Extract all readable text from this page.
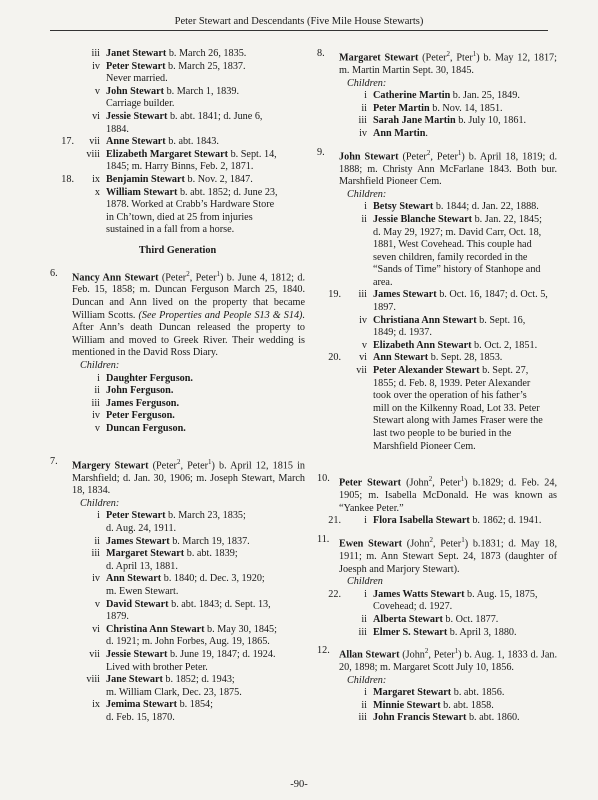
Peter Stewart and Descendants (Five Mile House Stewarts)
iii Janet Stewart b. March 26, 1835.
iv Peter Stewart b. March 25, 1837.
Never married.
v John Stewart b. March 1, 1839.
Carriage builder.
vi Jessie Stewart b. abt. 1841; d. June 6,
1884.
17.	vii Anne Stewart b. abt. 1843.
viii Elizabeth Margaret Stewart b. Sept. 14,
1845; m. Harry Binns, Feb. 2, 1871.
18.	ix Benjamin Stewart b. Nov. 2, 1847.
x William Stewart b. abt. 1852; d. June 23,
1878. Worked at Crabb’s Hardware Store
in Ch’town, died at 25 from injuries
sustained in a fall from a horse.
Third Generation
6.	Nancy Ann Stewart (Peter$^2$, Peter$^1$) b. June 4, 1812; d. Feb. 15, 1858; m. Duncan Ferguson March 25, 1840. Duncan and Ann lived on the property that became William Scotts. (See Properties and People S13 & S14). After Ann’s death Duncan released the property to William and moved to Greek River. Their wedding is mentioned in the David Ross Diary.
Children:
i Daughter Ferguson.
ii John Ferguson.
iii James Ferguson.
iv Peter Ferguson.
v Duncan Ferguson.
7.	Margery Stewart (Peter$^2$, Peter$^1$) b. April 12, 1815 in Marshfield; d. Jan. 30, 1906; m. Joseph Stewart, March 18, 1834.
Children:
i Peter Stewart b. March 23, 1835;
d. Aug. 24, 1911.
ii James Stewart b. March 19, 1837.
iii Margaret Stewart b. abt. 1839;
d. April 13, 1881.
iv Ann Stewart b. 1840; d. Dec. 3, 1920;
m. Ewen Stewart.
v David Stewart b. abt. 1843; d. Sept. 13,
1879.
vi Christina Ann Stewart b. May 30, 1845;
d. 1921; m. John Forbes, Aug. 19, 1865.
vii Jessie Stewart b. June 19, 1847; d. 1924.
Lived with brother Peter.
viii Jane Stewart b. 1852; d. 1943;
m. William Clark, Dec. 23, 1875.
ix Jemima Stewart b. 1854;
d. Feb. 15, 1870.
8.	Margaret Stewart (Peter$^2$, Pter$^1$) b. May 12, 1817; m. Martin Martin Sept. 30, 1845.
Children:
i Catherine Martin b. Jan. 25, 1849.
ii Peter Martin b. Nov. 14, 1851.
iii Sarah Jane Martin b. July 10, 1861.
iv Ann Martin.
9.	John Stewart (Peter$^2$, Peter$^1$) b. April 18, 1819; d. 1888; m. Christy Ann McFarlane 1843. Both bur. Marshfield Pioneer Cem.
Children:
i Betsy Stewart b. 1844; d. Jan. 22, 1888.
ii Jessie Blanche Stewart b. Jan. 22, 1845;
d. May 29, 1927; m. David Carr, Oct. 18,
1881, West Covehead. This couple had
seven children, family recorded in the
“Sands of Time” history of Stanhope and
area.
19.	iii James Stewart b. Oct. 16, 1847; d. Oct. 5,
1897.
iv Christiana Ann Stewart b. Sept. 16,
1849; d. 1937.
v Elizabeth Ann Stewart b. Oct. 2, 1851.
20.	vi Ann Stewart b. Sept. 28, 1853.
vii Peter Alexander Stewart b. Sept. 27,
1855; d. Feb. 8, 1939. Peter Alexander
took over the operation of his father’s
mill on the Kilkenny Road, Lot 33. Peter
Stewart along with James Fraser were the
last two people to be buried in the
Marshfield Pioneer Cem.
10. Peter Stewart (John$^2$, Peter$^1$) b.1829; d. Feb. 24, 1905; m. Isabella McDonald. He was known as “Yankee Peter.”
21.	i Flora Isabella Stewart b. 1862; d. 1941.
11. Ewen Stewart (John$^2$, Peter$^1$) b.1831; d. May 18, 1911; m. Ann Stewart Sept. 24, 1873 (daughter of Joesph and Marjory Stewart).
Children
22.	i James Watts Stewart b. Aug. 15, 1875,
Covehead; d. 1927.
ii Alberta Stewart b. Oct. 1877.
iii Elmer S. Stewart b. April 3, 1880.
12. Allan Stewart (John$^2$, Peter$^1$) b. Aug. 1, 1833 d. Jan. 20, 1898; m. Margaret Scott July 10, 1856.
Children:
i Margaret Stewart b. abt. 1856.
ii Minnie Stewart b. abt. 1858.
iii John Francis Stewart b. abt. 1860.
-90-
